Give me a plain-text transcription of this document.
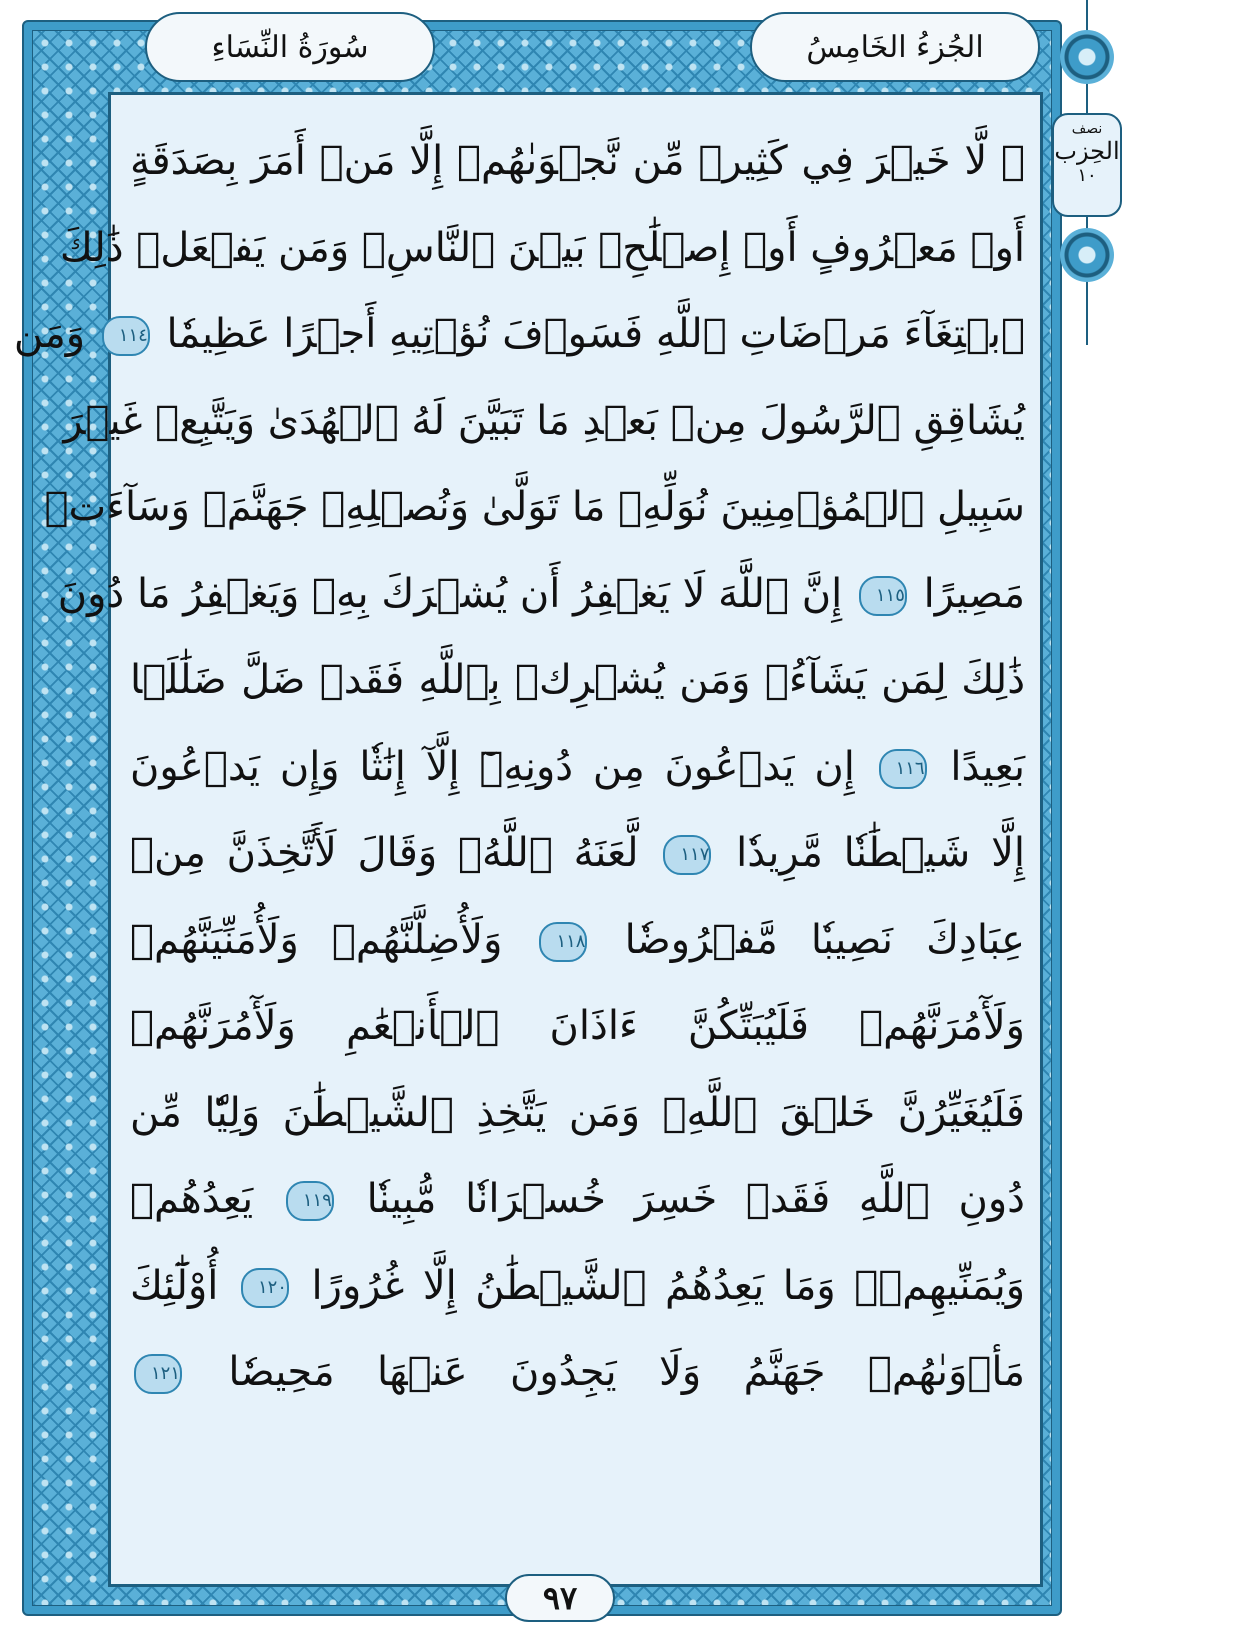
سُورَةُ النِّسَاءِ	الجُزءُ الخَامِسُ
۞ لَّا خَيۡرَ فِي كَثِيرٖ مِّن نَّجۡوَىٰهُمۡ إِلَّا مَنۡ أَمَرَ بِصَدَقَةٍ
أَوۡ مَعۡرُوفٍ أَوۡ إِصۡلَٰحِۭ بَيۡنَ ٱلنَّاسِۚ وَمَن يَفۡعَلۡ ذَٰلِكَ
ٱبۡتِغَآءَ مَرۡضَاتِ ٱللَّهِ فَسَوۡفَ نُؤۡتِيهِ أَجۡرًا عَظِيمٗا ١١٤ وَمَن
يُشَاقِقِ ٱلرَّسُولَ مِنۢ بَعۡدِ مَا تَبَيَّنَ لَهُ ٱلۡهُدَىٰ وَيَتَّبِعۡ غَيۡرَ
سَبِيلِ ٱلۡمُؤۡمِنِينَ نُوَلِّهِۦ مَا تَوَلَّىٰ وَنُصۡلِهِۦ جَهَنَّمَۖ وَسَآءَتۡ
مَصِيرًا ١١٥ إِنَّ ٱللَّهَ لَا يَغۡفِرُ أَن يُشۡرَكَ بِهِۦ وَيَغۡفِرُ مَا دُونَ
ذَٰلِكَ لِمَن يَشَآءُۚ وَمَن يُشۡرِكۡ بِٱللَّهِ فَقَدۡ ضَلَّ ضَلَٰلَۢا
بَعِيدًا ١١٦ إِن يَدۡعُونَ مِن دُونِهِۦٓ إِلَّآ إِنَٰثٗا وَإِن يَدۡعُونَ
إِلَّا شَيۡطَٰنٗا مَّرِيدٗا ١١٧ لَّعَنَهُ ٱللَّهُۘ وَقَالَ لَأَتَّخِذَنَّ مِنۡ
عِبَادِكَ نَصِيبٗا مَّفۡرُوضٗا ١١٨ وَلَأُضِلَّنَّهُمۡ وَلَأُمَنِّيَنَّهُمۡ
وَلَأٓمُرَنَّهُمۡ فَلَيُبَتِّكُنَّ ءَاذَانَ ٱلۡأَنۡعَٰمِ وَلَأٓمُرَنَّهُمۡ
فَلَيُغَيِّرُنَّ خَلۡقَ ٱللَّهِۚ وَمَن يَتَّخِذِ ٱلشَّيۡطَٰنَ وَلِيّٗا مِّن
دُونِ ٱللَّهِ فَقَدۡ خَسِرَ خُسۡرَانٗا مُّبِينٗا ١١٩ يَعِدُهُمۡ
وَيُمَنِّيهِمۡۖ وَمَا يَعِدُهُمُ ٱلشَّيۡطَٰنُ إِلَّا غُرُورًا ١٢٠ أُوْلَٰٓئِكَ
مَأۡوَىٰهُمۡ جَهَنَّمُ وَلَا يَجِدُونَ عَنۡهَا مَحِيصٗا ١٢١
٩٧
نصف
الحِزب
١٠
